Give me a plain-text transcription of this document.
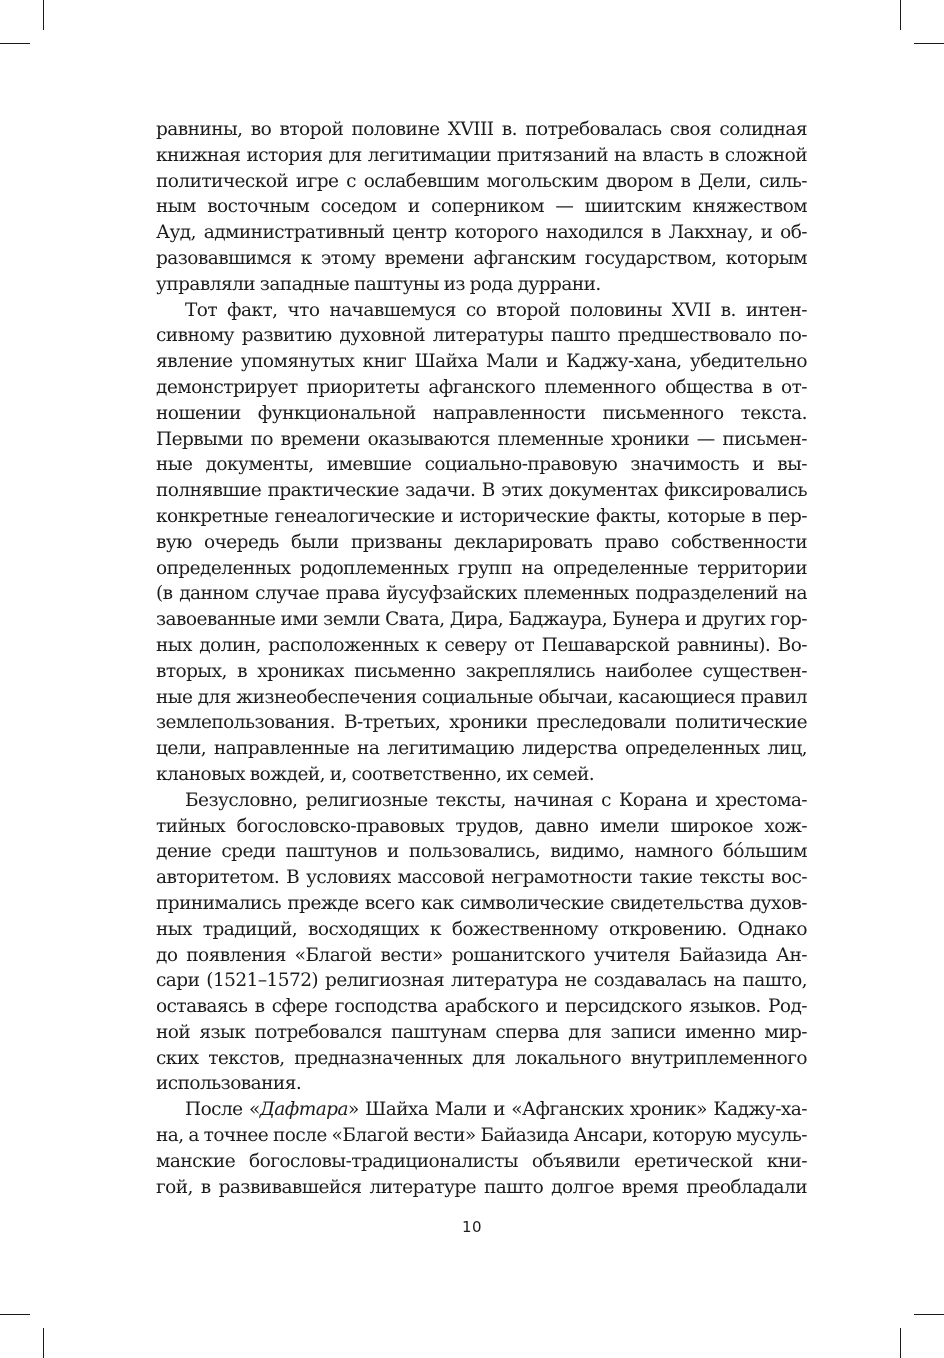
равнины, во второй половине XVIII в. потребовалась своя солидная
книжная история для легитимации притязаний на власть в сложной
политической игре с ослабевшим могольским двором в Дели, силь-
ным восточным соседом и соперником — шиитским княжеством
Ауд, административный центр которого находился в Лакхнау, и об-
разовавшимся к этому времени афганским государством, которым
управляли западные паштуны из рода дуррани.

Тот факт, что начавшемуся со второй половины XVII в. интен-
сивному развитию духовной литературы пашто предшествовало по-
явление упомянутых книг Шайха Мали и Каджу-хана, убедительно
демонстрирует приоритеты афганского племенного общества в от-
ношении функциональной направленности письменного текста.
Первыми по времени оказываются племенные хроники — письмен-
ные документы, имевшие социально-правовую значимость и вы-
полнявшие практические задачи. В этих документах фиксировались
конкретные генеалогические и исторические факты, которые в пер-
вую очередь были призваны декларировать право собственности
определенных родоплеменных групп на определенные территории
(в данном случае права йусуфзайских племенных подразделений на
завоеванные ими земли Свата, Дира, Баджаура, Бунера и других гор-
ных долин, расположенных к северу от Пешаварской равнины). Во-
вторых, в хрониках письменно закреплялись наиболее существен-
ные для жизнеобеспечения социальные обычаи, касающиеся правил
землепользования. В-третьих, хроники преследовали политические
цели, направленные на легитимацию лидерства определенных лиц,
клановых вождей, и, соответственно, их семей.

Безусловно, религиозные тексты, начиная с Корана и хрестома-
тийных богословско-правовых трудов, давно имели широкое хож-
дение среди паштунов и пользовались, видимо, намного бóльшим
авторитетом. В условиях массовой неграмотности такие тексты вос-
принимались прежде всего как символические свидетельства духов-
ных традиций, восходящих к божественному откровению. Однако
до появления «Благой вести» рошанитского учителя Байазида Ан-
сари (1521–1572) религиозная литература не создавалась на пашто,
оставаясь в сфере господства арабского и персидского языков. Род-
ной язык потребовался паштунам сперва для записи именно мир-
ских текстов, предназначенных для локального внутриплеменного
использования.

После «Дафтара» Шайха Мали и «Афганских хроник» Каджу-ха-
на, а точнее после «Благой вести» Байазида Ансари, которую мусуль-
манские богословы-традиционалисты объявили еретической кни-
гой, в развивавшейся литературе пашто долгое время преобладали

10
